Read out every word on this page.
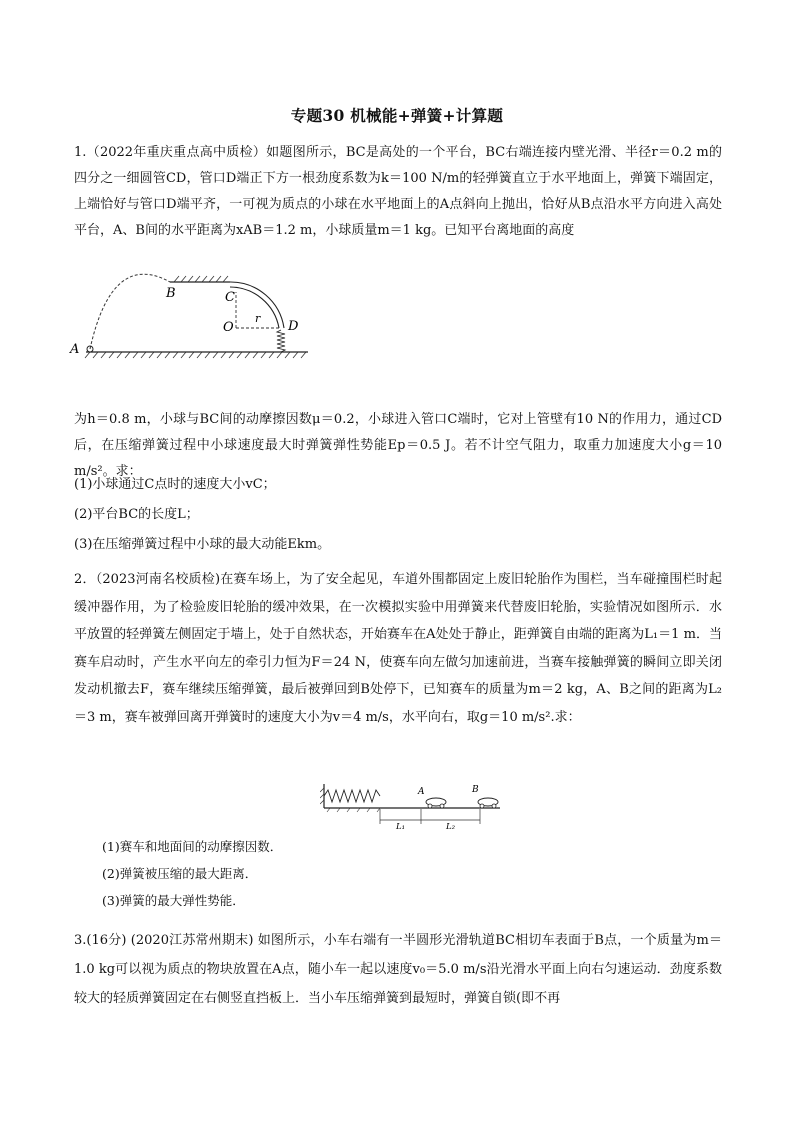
专题30 机械能+弹簧+计算题
1.（2022年重庆重点高中质检）如题图所示，BC是高处的一个平台，BC右端连接内壁光滑、半径r＝0.2 m的四分之一细圆管CD，管口D端正下方一根劲度系数为k＝100 N/m的轻弹簧直立于水平地面上，弹簧下端固定，上端恰好与管口D端平齐，一可视为质点的小球在水平地面上的A点斜向上抛出，恰好从B点沿水平方向进入高处平台，A、B间的水平距离为xAB＝1.2 m，小球质量m＝1 kg。已知平台离地面的高度
A
B	C
O
r
D
为h＝0.8 m，小球与BC间的动摩擦因数μ＝0.2，小球进入管口C端时，它对上管壁有10 N的作用力，通过CD后，在压缩弹簧过程中小球速度最大时弹簧弹性势能Ep＝0.5 J。若不计空气阻力，取重力加速度大小g＝10 m/s²。求：
(1)小球通过C点时的速度大小vC；
(2)平台BC的长度L；
(3)在压缩弹簧过程中小球的最大动能Ekm。
2．（2023河南名校质检)在赛车场上，为了安全起见，车道外围都固定上废旧轮胎作为围栏，当车碰撞围栏时起缓冲器作用，为了检验废旧轮胎的缓冲效果，在一次模拟实验中用弹簧来代替废旧轮胎，实验情况如图所示．水平放置的轻弹簧左侧固定于墙上，处于自然状态，开始赛车在A处处于静止，距弹簧自由端的距离为L₁＝1 m．当赛车启动时，产生水平向左的牵引力恒为F＝24 N，使赛车向左做匀加速前进，当赛车接触弹簧的瞬间立即关闭发动机撤去F，赛车继续压缩弹簧，最后被弹回到B处停下，已知赛车的质量为m＝2 kg，A、B之间的距离为L₂＝3 m，赛车被弹回离开弹簧时的速度大小为v＝4 m/s，水平向右，取g＝10 m/s².求：
A	B
L₁	L₂
(1)赛车和地面间的动摩擦因数．
(2)弹簧被压缩的最大距离．
(3)弹簧的最大弹性势能．
3.(16分) (2020江苏常州期末) 如图所示，小车右端有一半圆形光滑轨道BC相切车表面于B点，一个质量为m＝1.0 kg可以视为质点的物块放置在A点，随小车一起以速度v₀＝5.0 m/s沿光滑水平面上向右匀速运动．劲度系数较大的轻质弹簧固定在右侧竖直挡板上．当小车压缩弹簧到最短时，弹簧自锁(即不再
